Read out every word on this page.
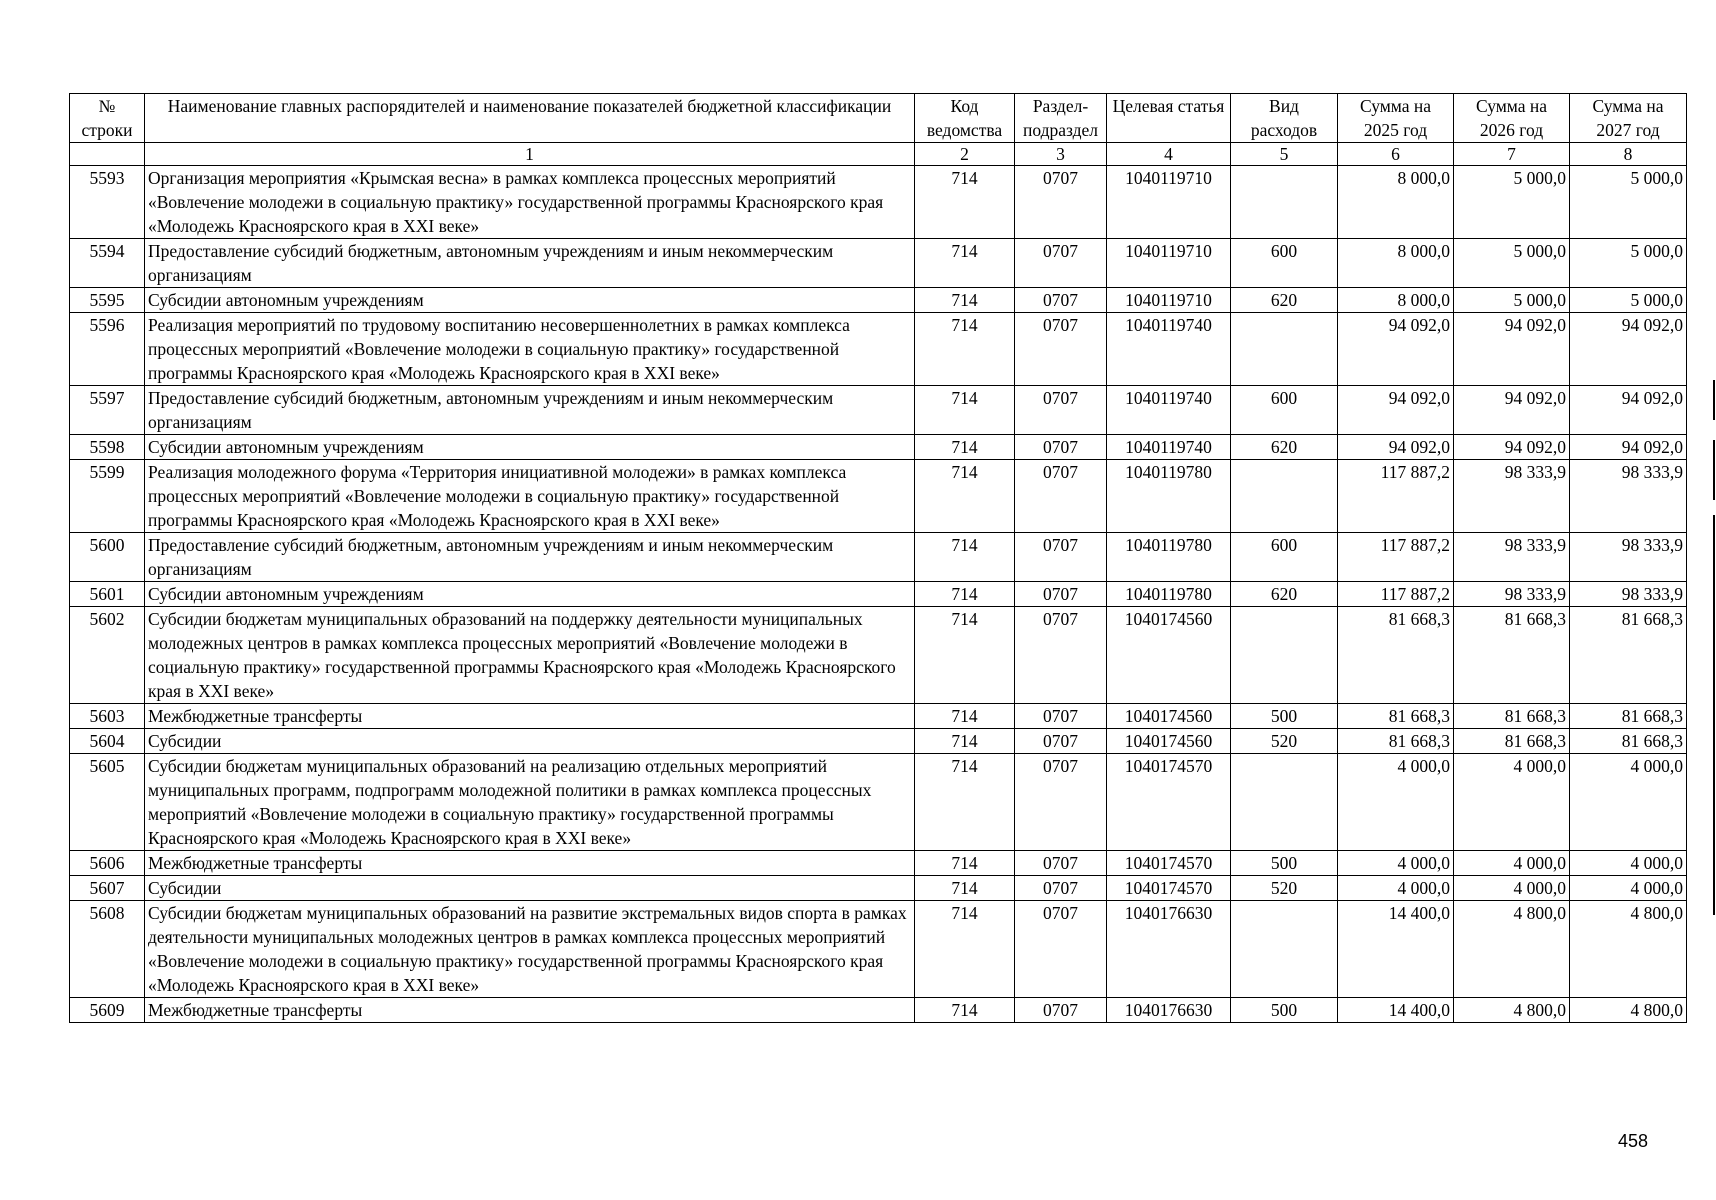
№ строки	Наименование главных распорядителей и наименование показателей бюджетной классификации	Код ведомства	Раздел-подраздел	Целевая статья	Вид расходов	Сумма на 2025 год	Сумма на 2026 год	Сумма на 2027 год
	1	2	3	4	5	6	7	8
5593	Организация мероприятия «Крымская весна» в рамках комплекса процессных мероприятий «Вовлечение молодежи в социальную практику» государственной программы Красноярского края «Молодежь Красноярского края в XXI веке»	714	0707	1040119710		8 000,0	5 000,0	5 000,0
5594	Предоставление субсидий бюджетным, автономным учреждениям и иным некоммерческим организациям	714	0707	1040119710	600	8 000,0	5 000,0	5 000,0
5595	Субсидии автономным учреждениям	714	0707	1040119710	620	8 000,0	5 000,0	5 000,0
5596	Реализация мероприятий по трудовому воспитанию несовершеннолетних в рамках комплекса процессных мероприятий «Вовлечение молодежи в социальную практику» государственной программы Красноярского края «Молодежь Красноярского края в XXI веке»	714	0707	1040119740		94 092,0	94 092,0	94 092,0
5597	Предоставление субсидий бюджетным, автономным учреждениям и иным некоммерческим организациям	714	0707	1040119740	600	94 092,0	94 092,0	94 092,0
5598	Субсидии автономным учреждениям	714	0707	1040119740	620	94 092,0	94 092,0	94 092,0
5599	Реализация молодежного форума «Территория инициативной молодежи» в рамках комплекса процессных мероприятий «Вовлечение молодежи в социальную практику» государственной программы Красноярского края «Молодежь Красноярского края в XXI веке»	714	0707	1040119780		117 887,2	98 333,9	98 333,9
5600	Предоставление субсидий бюджетным, автономным учреждениям и иным некоммерческим организациям	714	0707	1040119780	600	117 887,2	98 333,9	98 333,9
5601	Субсидии автономным учреждениям	714	0707	1040119780	620	117 887,2	98 333,9	98 333,9
5602	Субсидии бюджетам муниципальных образований на поддержку деятельности муниципальных молодежных центров в рамках комплекса процессных мероприятий «Вовлечение молодежи в социальную практику» государственной программы Красноярского края «Молодежь Красноярского края в XXI веке»	714	0707	1040174560		81 668,3	81 668,3	81 668,3
5603	Межбюджетные трансферты	714	0707	1040174560	500	81 668,3	81 668,3	81 668,3
5604	Субсидии	714	0707	1040174560	520	81 668,3	81 668,3	81 668,3
5605	Субсидии бюджетам муниципальных образований на реализацию отдельных мероприятий муниципальных программ, подпрограмм молодежной политики в рамках комплекса процессных мероприятий «Вовлечение молодежи в социальную практику» государственной программы Красноярского края «Молодежь Красноярского края в XXI веке»	714	0707	1040174570		4 000,0	4 000,0	4 000,0
5606	Межбюджетные трансферты	714	0707	1040174570	500	4 000,0	4 000,0	4 000,0
5607	Субсидии	714	0707	1040174570	520	4 000,0	4 000,0	4 000,0
5608	Субсидии бюджетам муниципальных образований на развитие экстремальных видов спорта в рамках деятельности муниципальных молодежных центров в рамках комплекса процессных мероприятий «Вовлечение молодежи в социальную практику» государственной программы Красноярского края «Молодежь Красноярского края в XXI веке»	714	0707	1040176630		14 400,0	4 800,0	4 800,0
5609	Межбюджетные трансферты	714	0707	1040176630	500	14 400,0	4 800,0	4 800,0
458
